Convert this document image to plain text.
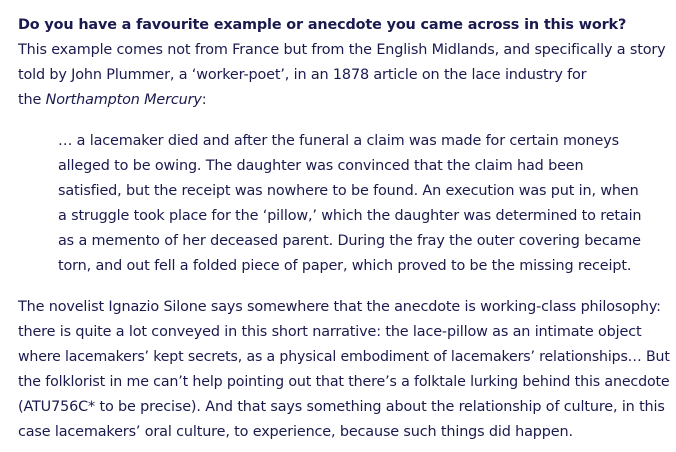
Do you have a favourite example or anecdote you came across in this work?
This example comes not from France but from the English Midlands, and specifically a story
told by John Plummer, a ‘worker-poet’, in an 1878 article on the lace industry for
the Northampton Mercury:
… a lacemaker died and after the funeral a claim was made for certain moneys
alleged to be owing. The daughter was convinced that the claim had been
satisfied, but the receipt was nowhere to be found. An execution was put in, when
a struggle took place for the ‘pillow,’ which the daughter was determined to retain
as a memento of her deceased parent. During the fray the outer covering became
torn, and out fell a folded piece of paper, which proved to be the missing receipt.
The novelist Ignazio Silone says somewhere that the anecdote is working-class philosophy:
there is quite a lot conveyed in this short narrative: the lace-pillow as an intimate object
where lacemakers’ kept secrets, as a physical embodiment of lacemakers’ relationships… But
the folklorist in me can’t help pointing out that there’s a folktale lurking behind this anecdote
(ATU756C* to be precise). And that says something about the relationship of culture, in this
case lacemakers’ oral culture, to experience, because such things did happen.
